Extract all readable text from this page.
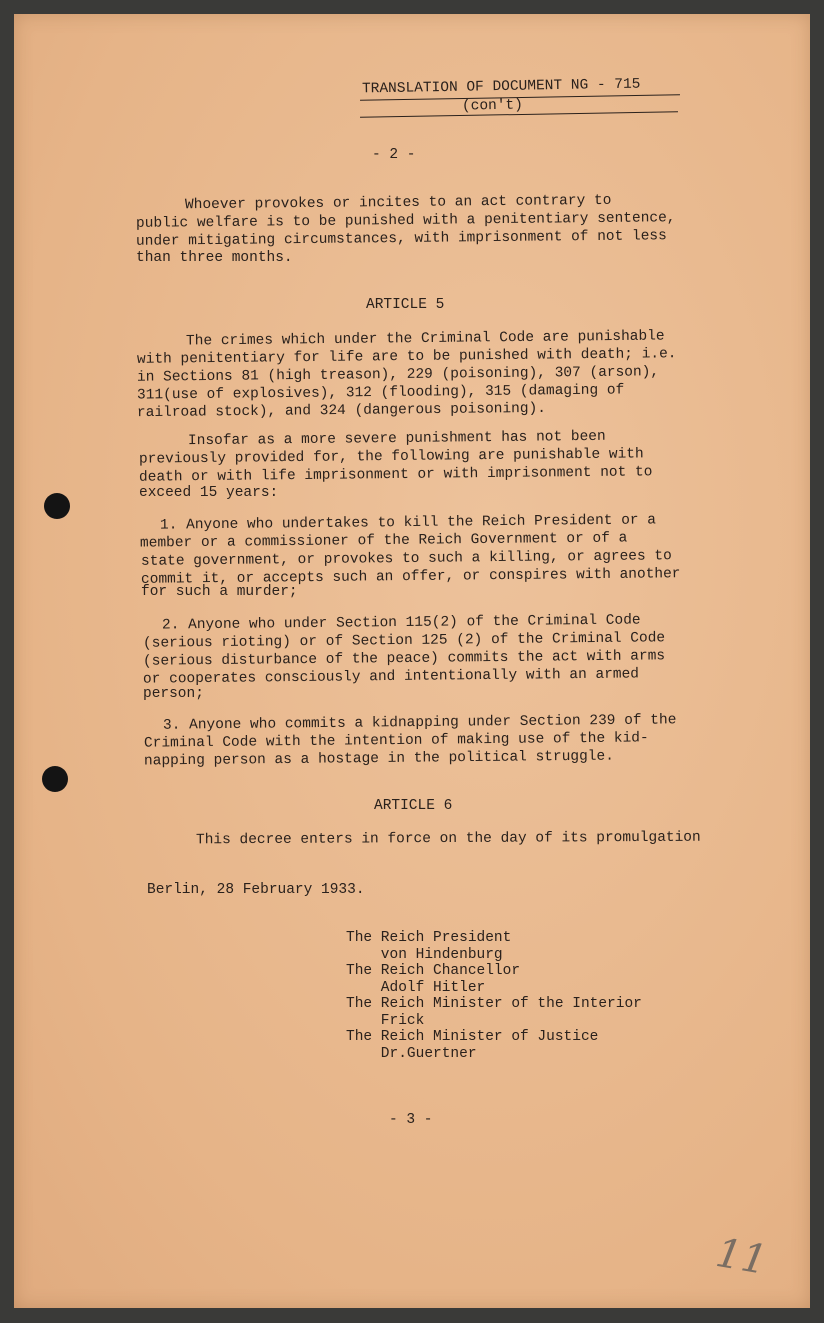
TRANSLATION OF DOCUMENT NG - 715
(con't)
- 2 -
Whoever provokes or incites to an act contrary to
public welfare is to be punished with a penitentiary sentence,
under mitigating circumstances, with imprisonment of not less
than three months.
ARTICLE 5
The crimes which under the Criminal Code are punishable
with penitentiary for life are to be punished with death; i.e.
in Sections 81 (high treason), 229 (poisoning), 307 (arson),
311(use of explosives), 312 (flooding), 315 (damaging of
railroad stock), and 324 (dangerous poisoning).
Insofar as a more severe punishment has not been
previously provided for, the following are punishable with
death or with life imprisonment or with imprisonment not to
exceed 15 years:
1. Anyone who undertakes to kill the Reich President or a
member or a commissioner of the Reich Government or of a
state government, or provokes to such a killing, or agrees to
commit it, or accepts such an offer, or conspires with another
for such a murder;
2. Anyone who under Section 115(2) of the Criminal Code
(serious rioting) or of Section 125 (2) of the Criminal Code
(serious disturbance of the peace) commits the act with arms
or cooperates consciously and intentionally with an armed
person;
3. Anyone who commits a kidnapping under Section 239 of the
Criminal Code with the intention of making use of the kid-
napping person as a hostage in the political struggle.
ARTICLE 6
This decree enters in force on the day of its promulgation
Berlin, 28 February 1933.
The Reich President
von Hindenburg
The Reich Chancellor
Adolf Hitler
The Reich Minister of the Interior
Frick
The Reich Minister of Justice
Dr.Guertner
- 3 -
11
